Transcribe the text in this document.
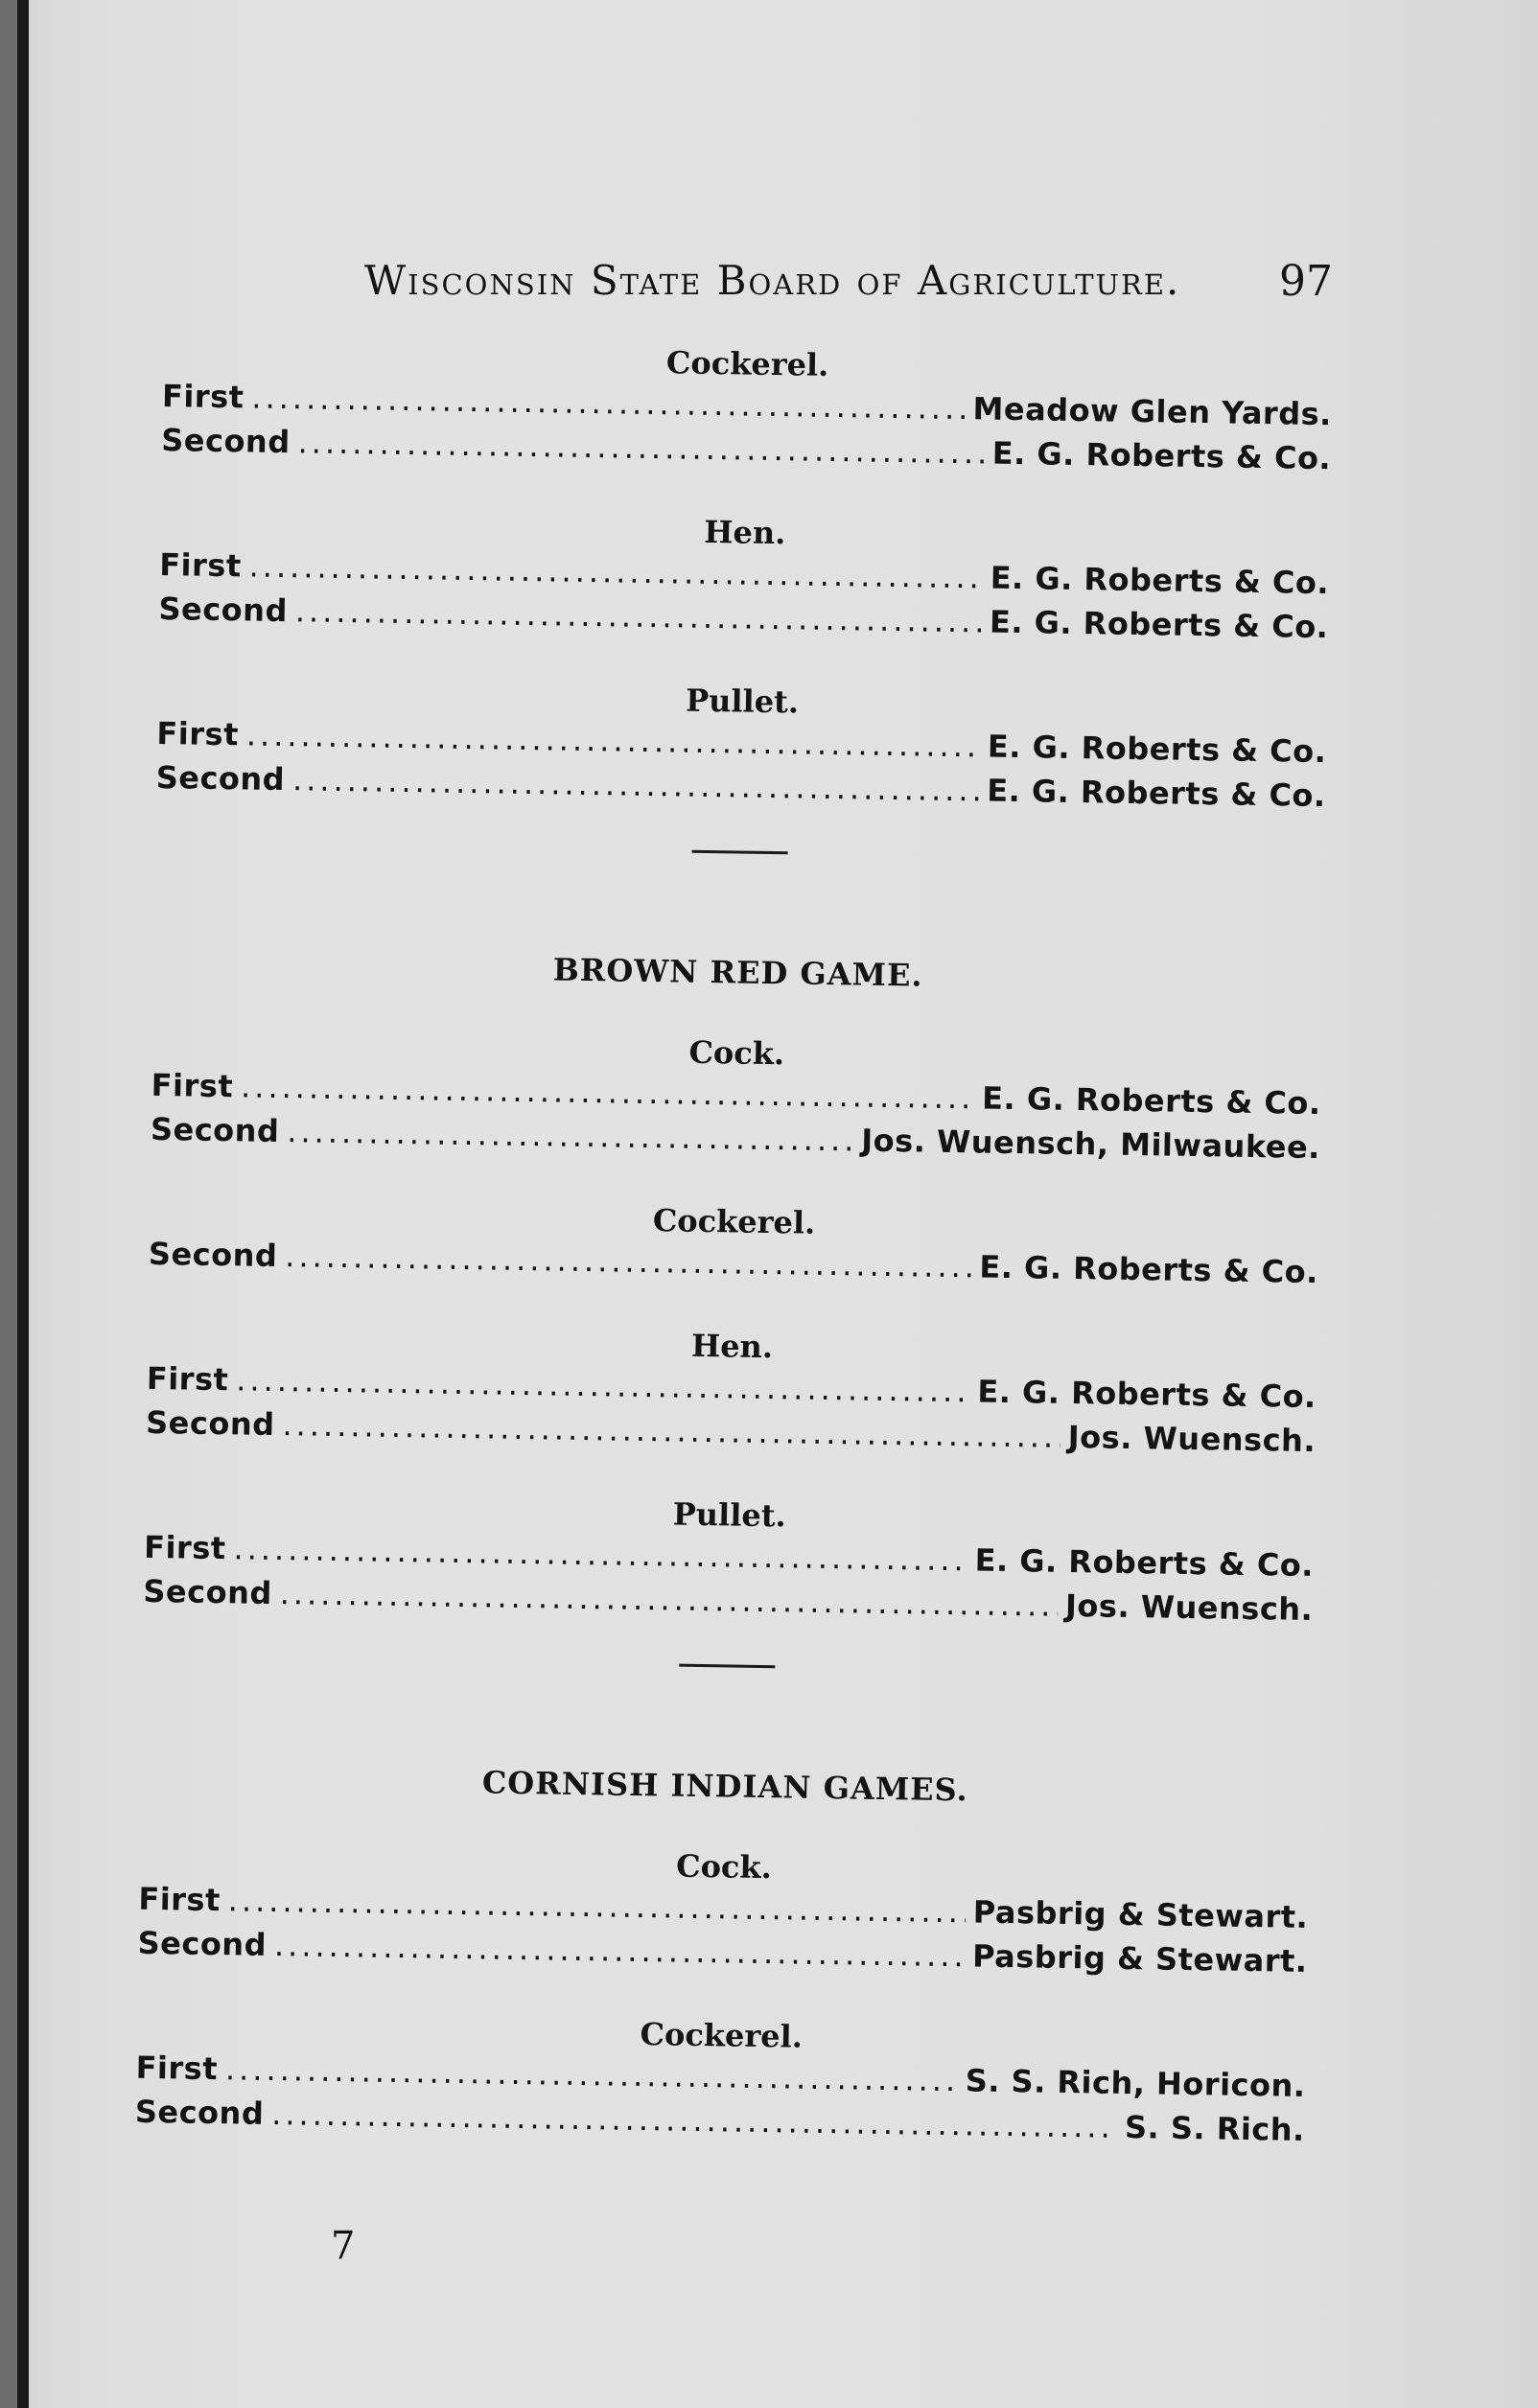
Wisconsin State Board of Agriculture. 97
Cockerel.
First .....	Meadow Glen Yards.
Second .....	E. G. Roberts & Co.
Hen.
First .....	E. G. Roberts & Co.
Second .....	E. G. Roberts & Co.
Pullet.
First .....	E. G. Roberts & Co.
Second .....	E. G. Roberts & Co.
BROWN RED GAME.
Cock.
First .....	E. G. Roberts & Co.
Second .....	Jos. Wuensch, Milwaukee.
Cockerel.
Second .....	E. G. Roberts & Co.
Hen.
First .....	E. G. Roberts & Co.
Second .....	Jos. Wuensch.
Pullet.
First .....	E. G. Roberts & Co.
Second .....	Jos. Wuensch.
CORNISH INDIAN GAMES.
Cock.
First .....	Pasbrig & Stewart.
Second .....	Pasbrig & Stewart.
Cockerel.
First .....	S. S. Rich, Horicon.
Second .....	S. S. Rich.
7
